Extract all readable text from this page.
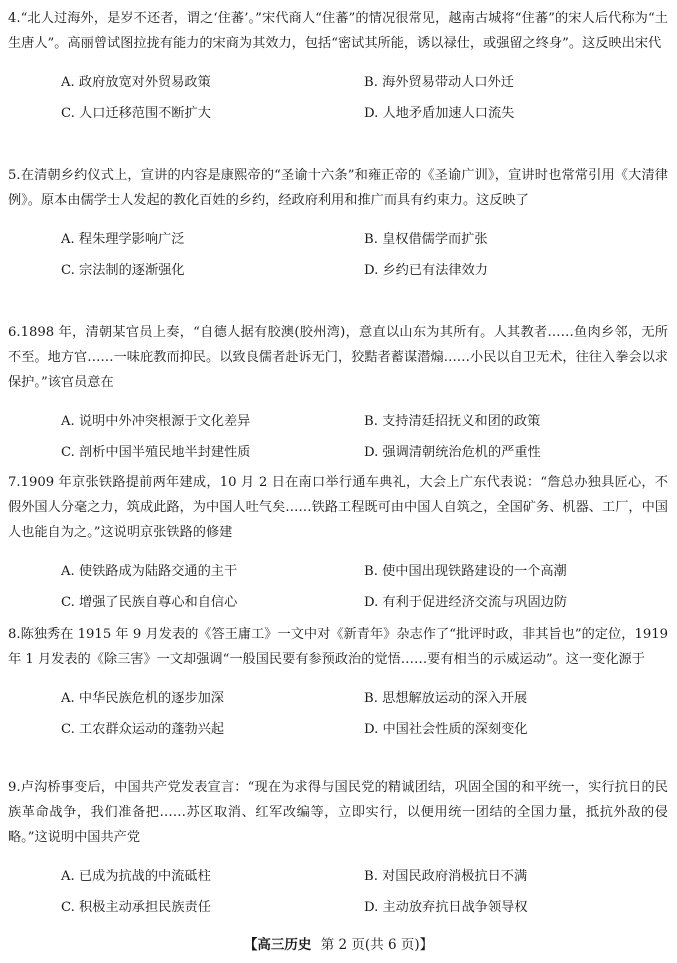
4.“北人过海外，是岁不还者，谓之‘住蕃’。”宋代商人“住蕃”的情况很常见，越南古城将“住蕃”的宋人后代称为“土生唐人”。高丽曾试图拉拢有能力的宋商为其效力，包括“密试其所能，诱以禄仕，或强留之终身”。这反映出宋代

A. 政府放宽对外贸易政策	B. 海外贸易带动人口外迁
C. 人口迁移范围不断扩大	D. 人地矛盾加速人口流失

5.在清朝乡约仪式上，宣讲的内容是康熙帝的“圣谕十六条”和雍正帝的《圣谕广训》，宣讲时也常常引用《大清律例》。原本由儒学士人发起的教化百姓的乡约，经政府利用和推广而具有约束力。这反映了

A. 程朱理学影响广泛	B. 皇权借儒学而扩张
C. 宗法制的逐渐强化	D. 乡约已有法律效力

6.1898 年，清朝某官员上奏，“自德人据有胶澳(胶州湾)，意直以山东为其所有。人其教者……鱼肉乡邻，无所不至。地方官……一味庇教而抑民。以致良儒者赴诉无门，狡黠者蓄谋潜煽……小民以自卫无术，往往入拳会以求保护。”该官员意在

A. 说明中外冲突根源于文化差异	B. 支持清廷招抚义和团的政策
C. 剖析中国半殖民地半封建性质	D. 强调清朝统治危机的严重性

7.1909 年京张铁路提前两年建成，10 月 2 日在南口举行通车典礼，大会上广东代表说：“詹总办独具匠心，不假外国人分毫之力，筑成此路，为中国人吐气矣……铁路工程既可由中国人自筑之，全国矿务、机器、工厂，中国人也能自为之。”这说明京张铁路的修建

A. 使铁路成为陆路交通的主干	B. 使中国出现铁路建设的一个高潮
C. 增强了民族自尊心和自信心	D. 有利于促进经济交流与巩固边防

8.陈独秀在 1915 年 9 月发表的《答王庸工》一文中对《新青年》杂志作了“批评时政，非其旨也”的定位，1919 年 1 月发表的《除三害》一文却强调“一般国民要有参预政治的觉悟……要有相当的示威运动”。这一变化源于

A. 中华民族危机的逐步加深	B. 思想解放运动的深入开展
C. 工农群众运动的蓬勃兴起	D. 中国社会性质的深刻变化

9.卢沟桥事变后，中国共产党发表宣言：“现在为求得与国民党的精诚团结，巩固全国的和平统一，实行抗日的民族革命战争，我们准备把……苏区取消、红军改编等，立即实行，以便用统一团结的全国力量，抵抗外敌的侵略。”这说明中国共产党

A. 已成为抗战的中流砥柱	B. 对国民政府消极抗日不满
C. 积极主动承担民族责任	D. 主动放弃抗日战争领导权
【高三历史 第 2 页(共 6 页)】
